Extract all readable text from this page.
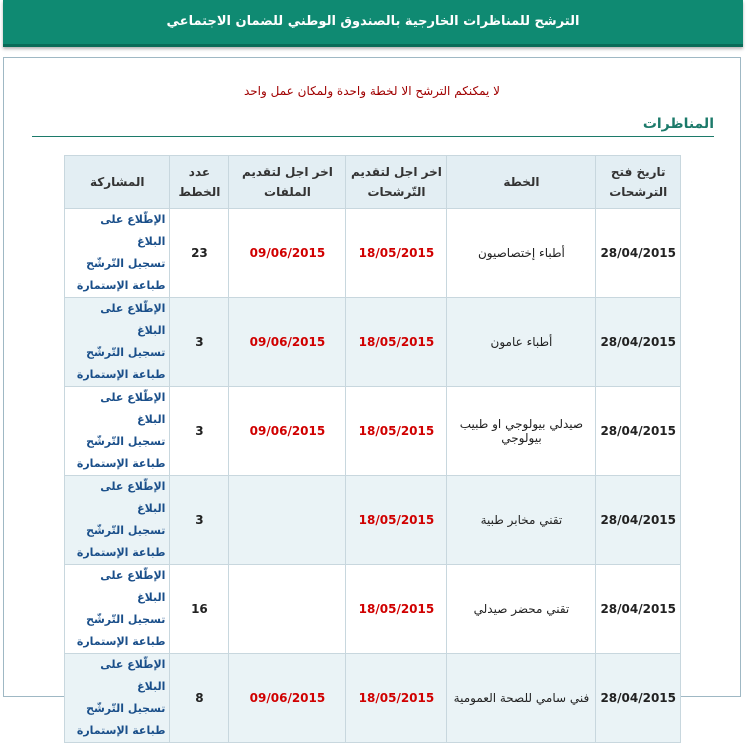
الترشح للمناظرات الخارجية بالصندوق الوطني للضمان الاجتماعي
لا يمكنكم الترشح الا لخطة واحدة ولمكان عمل واحد
المناظرات
تاريخ فتح الترشحات	الخطة	اخر اجل لتقديم التّرشحات	اخر اجل لتقديم الملفات	عدد الخطط	المشاركة
28/04/2015	أطباء إختصاصيون	18/05/2015	09/06/2015	23	الإطّلاع على البلاغ
تسجيل التّرشّح
طباعة الإستمارة

28/04/2015	أطباء عامون	18/05/2015	09/06/2015	3	الإطّلاع على البلاغ
تسجيل التّرشّح
طباعة الإستمارة

28/04/2015	صيدلي بيولوجي او طبيب بيولوجي	18/05/2015	09/06/2015	3	الإطّلاع على البلاغ
تسجيل التّرشّح
طباعة الإستمارة

28/04/2015	تقني مخابر طبية	18/05/2015		3	الإطّلاع على البلاغ
تسجيل التّرشّح
طباعة الإستمارة

28/04/2015	تقني محضر صيدلي	18/05/2015		16	الإطّلاع على البلاغ
تسجيل التّرشّح
طباعة الإستمارة

28/04/2015	فني سامي للصحة العمومية	18/05/2015	09/06/2015	8	الإطّلاع على البلاغ
تسجيل التّرشّح
طباعة الإستمارة
